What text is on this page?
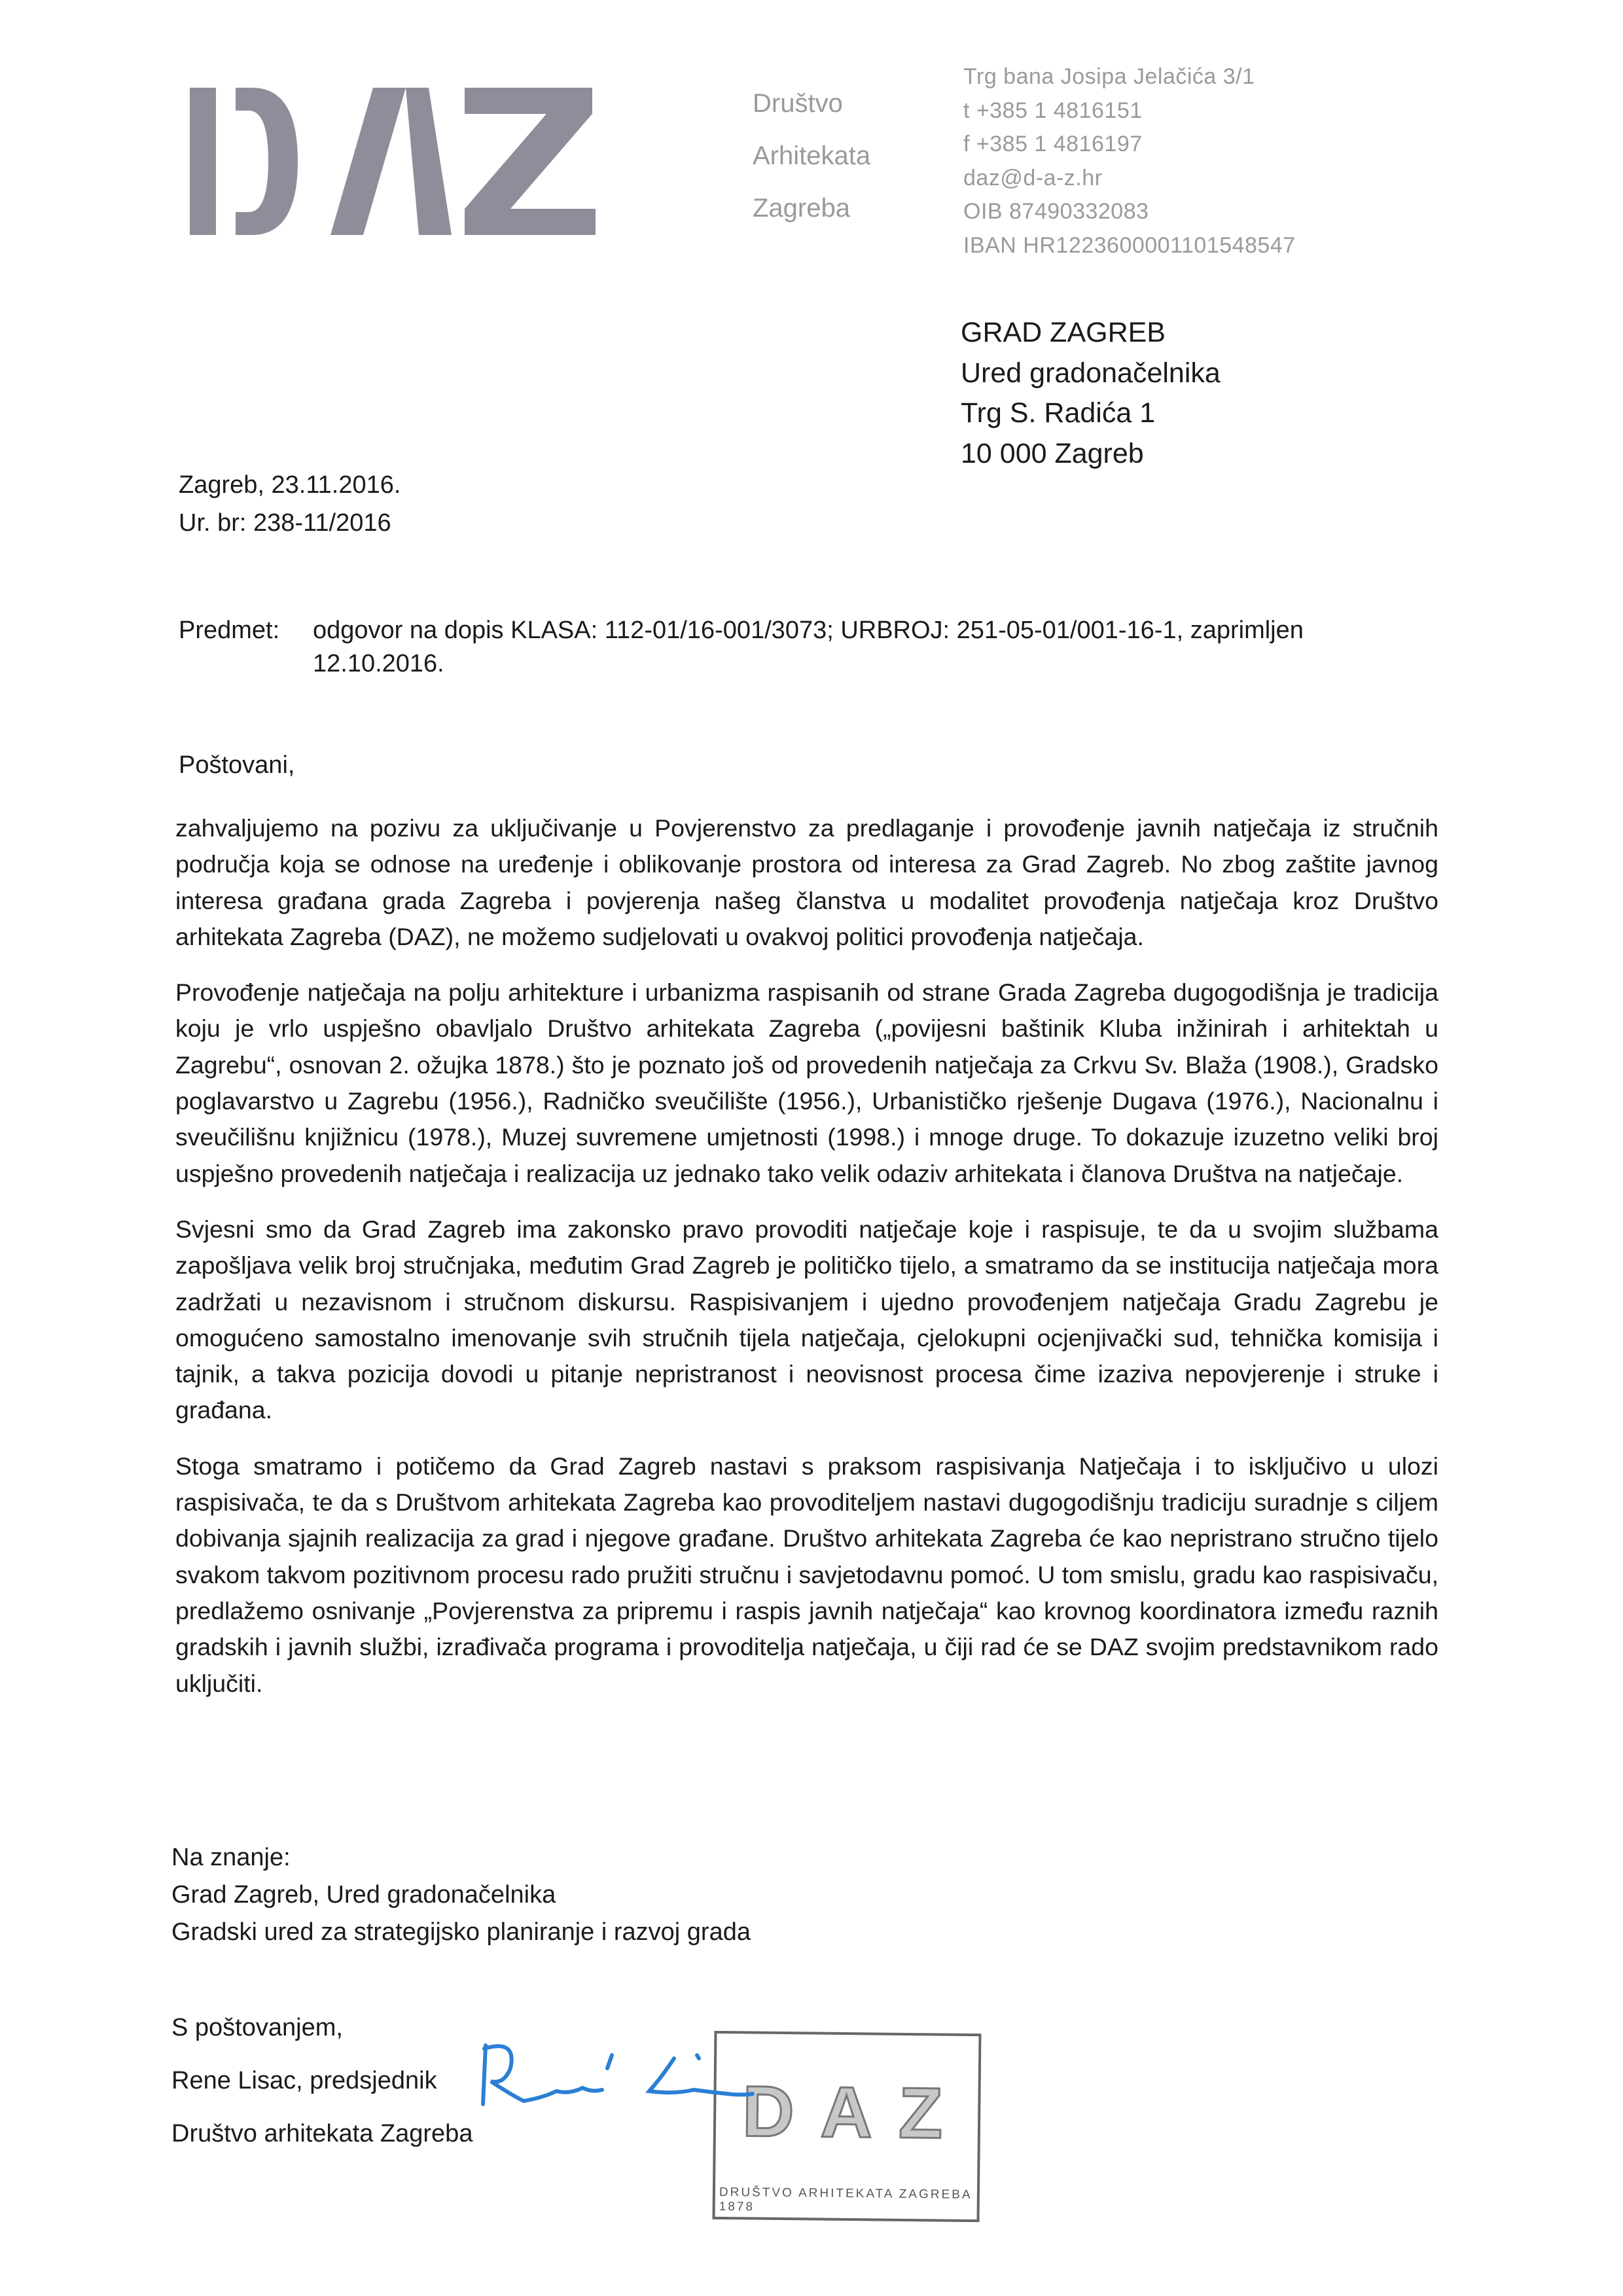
Društvo
Arhitekata
Zagreba
Trg bana Josipa Jelačića 3/1
t +385 1 4816151
f +385 1 4816197
daz@d-a-z.hr
OIB 87490332083
IBAN HR1223600001101548547
GRAD ZAGREB
Ured gradonačelnika
Trg S. Radića 1
10 000 Zagreb
Zagreb, 23.11.2016.
Ur. br: 238-11/2016
Predmet:	odgovor na dopis KLASA: 112-01/16-001/3073; URBROJ: 251-05-01/001-16-1, zaprimljen 12.10.2016.
Poštovani,

zahvaljujemo na pozivu za uključivanje u Povjerenstvo za predlaganje i provođenje javnih natječaja iz stručnih područja koja se odnose na uređenje i oblikovanje prostora od interesa za Grad Zagreb. No zbog zaštite javnog interesa građana grada Zagreba i povjerenja našeg članstva u modalitet provođenja natječaja kroz Društvo arhitekata Zagreba (DAZ), ne možemo sudjelovati u ovakvoj politici provođenja natječaja.

Provođenje natječaja na polju arhitekture i urbanizma raspisanih od strane Grada Zagreba dugogodišnja je tradicija koju je vrlo uspješno obavljalo Društvo arhitekata Zagreba („povijesni baštinik Kluba inžinirah i arhitektah u Zagrebu“, osnovan 2. ožujka 1878.) što je poznato još od provedenih natječaja za Crkvu Sv. Blaža (1908.), Gradsko poglavarstvo u Zagrebu (1956.), Radničko sveučilište (1956.), Urbanističko rješenje Dugava (1976.), Nacionalnu i sveučilišnu knjižnicu (1978.), Muzej suvremene umjetnosti (1998.) i mnoge druge. To dokazuje izuzetno veliki broj uspješno provedenih natječaja i realizacija uz jednako tako velik odaziv arhitekata i članova Društva na natječaje.

Svjesni smo da Grad Zagreb ima zakonsko pravo provoditi natječaje koje i raspisuje, te da u svojim službama zapošljava velik broj stručnjaka, međutim Grad Zagreb je političko tijelo, a smatramo da se institucija natječaja mora zadržati u nezavisnom i stručnom diskursu. Raspisivanjem i ujedno provođenjem natječaja Gradu Zagrebu je omogućeno samostalno imenovanje svih stručnih tijela natječaja, cjelokupni ocjenjivački sud, tehnička komisija i tajnik, a takva pozicija dovodi u pitanje nepristranost i neovisnost procesa čime izaziva nepovjerenje i struke i građana.

Stoga smatramo i potičemo da Grad Zagreb nastavi s praksom raspisivanja Natječaja i to isključivo u ulozi raspisivača, te da s Društvom arhitekata Zagreba kao provoditeljem nastavi dugogodišnju tradiciju suradnje s ciljem dobivanja sjajnih realizacija za grad i njegove građane. Društvo arhitekata Zagreba će kao nepristrano stručno tijelo svakom takvom pozitivnom procesu rado pružiti stručnu i savjetodavnu pomoć. U tom smislu, gradu kao raspisivaču, predlažemo osnivanje „Povjerenstva za pripremu i raspis javnih natječaja“ kao krovnog koordinatora između raznih gradskih i javnih službi, izrađivača programa i provoditelja natječaja, u čiji rad će se DAZ svojim predstavnikom rado uključiti.

Na znanje:
Grad Zagreb, Ured gradonačelnika
Gradski ured za strategijsko planiranje i razvoj grada
S poštovanjem,
Rene Lisac, predsjednik
Društvo arhitekata Zagreba	DAZ
DRUŠTVO ARHITEKATA ZAGREBA 1878
